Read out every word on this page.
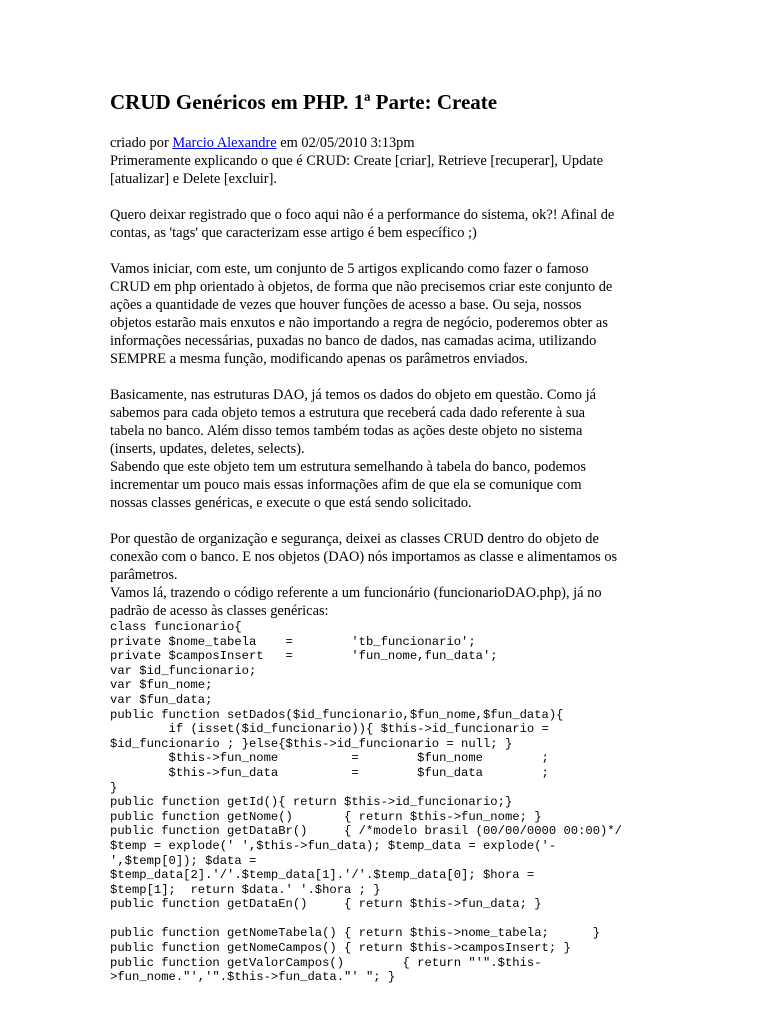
CRUD Genéricos em PHP. 1ª Parte: Create

criado por Marcio Alexandre em 02/05/2010 3:13pm

Primeramente explicando o que é CRUD: Create [criar], Retrieve [recuperar], Update
[atualizar] e Delete [excluir].
Quero deixar registrado que o foco aqui não é a performance do sistema, ok?! Afinal de
contas, as 'tags' que caracterizam esse artigo é bem específico ;)
Vamos iniciar, com este, um conjunto de 5 artigos explicando como fazer o famoso
CRUD em php orientado à objetos, de forma que não precisemos criar este conjunto de
ações a quantidade de vezes que houver funções de acesso a base. Ou seja, nossos
objetos estarão mais enxutos e não importando a regra de negócio, poderemos obter as
informações necessárias, puxadas no banco de dados, nas camadas acima, utilizando
SEMPRE a mesma função, modificando apenas os parâmetros enviados.
Basicamente, nas estruturas DAO, já temos os dados do objeto em questão. Como já
sabemos para cada objeto temos a estrutura que receberá cada dado referente à sua
tabela no banco. Além disso temos também todas as ações deste objeto no sistema
(inserts, updates, deletes, selects).
Sabendo que este objeto tem um estrutura semelhando à tabela do banco, podemos
incrementar um pouco mais essas informações afim de que ela se comunique com
nossas classes genéricas, e execute o que está sendo solicitado.
Por questão de organização e segurança, deixei as classes CRUD dentro do objeto de
conexão com o banco. E nos objetos (DAO) nós importamos as classe e alimentamos os
parâmetros.
Vamos lá, trazendo o código referente a um funcionário (funcionarioDAO.php), já no
padrão de acesso às classes genéricas:
class funcionario{
private $nome_tabela    =        'tb_funcionario';
private $camposInsert   =        'fun_nome,fun_data';
var $id_funcionario;
var $fun_nome;
var $fun_data;
public function setDados($id_funcionario,$fun_nome,$fun_data){
if (isset($id_funcionario)){ $this->id_funcionario =
$id_funcionario ; }else{$this->id_funcionario = null; }
$this->fun_nome          =        $fun_nome        ;
$this->fun_data          =        $fun_data        ;
}
public function getId(){ return $this->id_funcionario;}
public function getNome()       { return $this->fun_nome; }
public function getDataBr()     { /*modelo brasil (00/00/0000 00:00)*/
$temp = explode(' ',$this->fun_data); $temp_data = explode('-
',$temp[0]); $data =
$temp_data[2].'/'.$temp_data[1].'/'.$temp_data[0]; $hora =
$temp[1];  return $data.' '.$hora ; }
public function getDataEn()     { return $this->fun_data; }

public function getNomeTabela() { return $this->nome_tabela;      }
public function getNomeCampos() { return $this->camposInsert; }
public function getValorCampos()        { return "'".$this-
>fun_nome."','".$this->fun_data."' "; }
